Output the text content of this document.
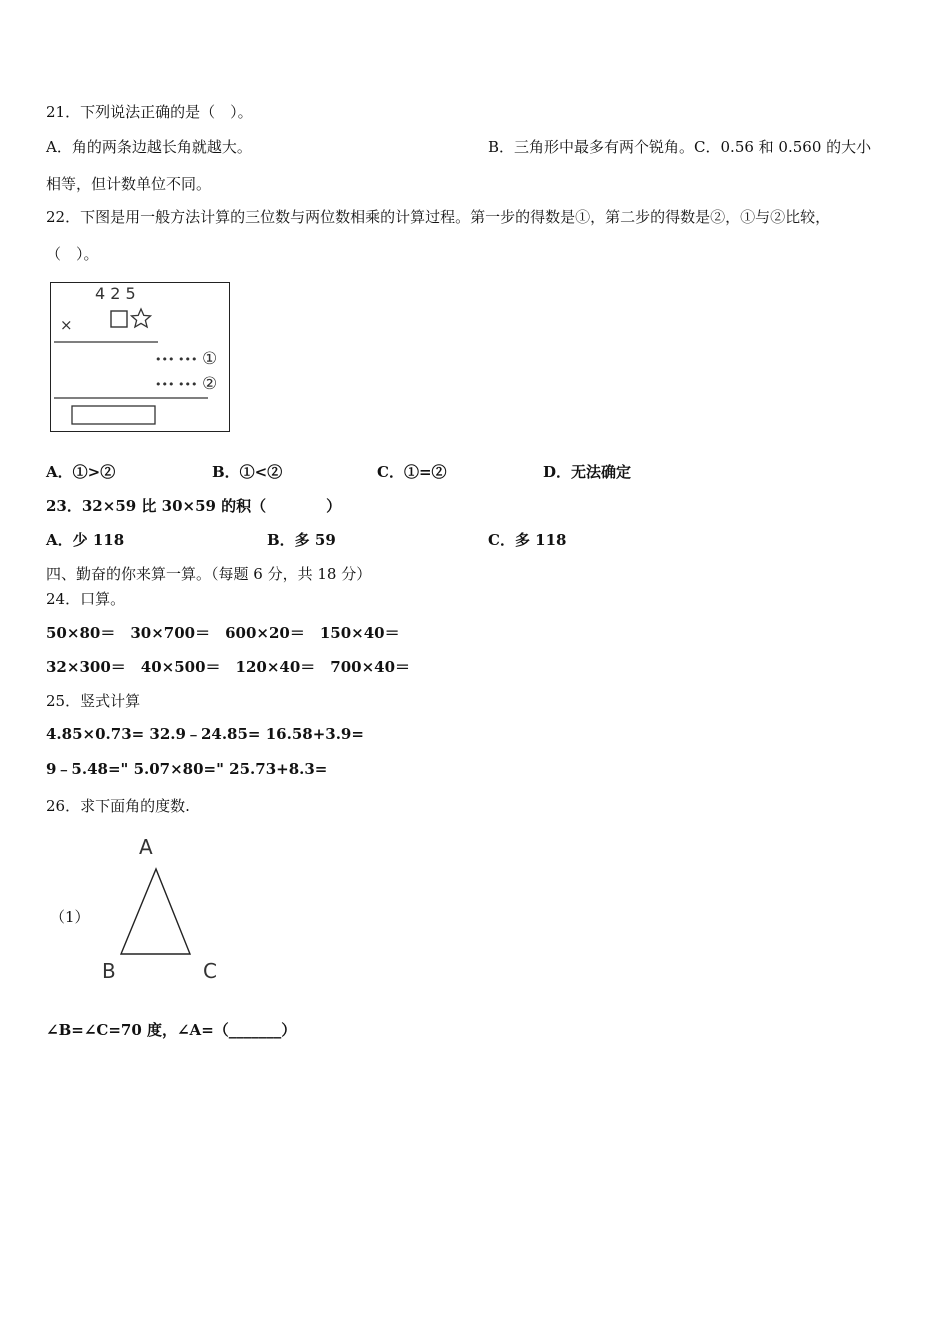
21．下列说法正确的是（　）。
A．角的两条边越长角就越大。	B．三角形中最多有两个锐角。C．0.56 和 0.560 的大小
相等，但计数单位不同。
22．下图是用一般方法计算的三位数与两位数相乘的计算过程。第一步的得数是①，第二步的得数是②，①与②比较，
（　）。
4 2 5
×
••• ••• ①
••• ••• ②
A．①>②	B．①<②	C．①=②	D．无法确定
23．32×59 比 30×59 的积（　　　　）
A．少 118	B．多 59	C．多 118
四、勤奋的你来算一算。（每题 6 分，共 18 分）
24．口算。
50×80＝　30×700＝　600×20＝　150×40＝
32×300＝　40×500＝　120×40＝　700×40＝
25．竖式计算
4.85×0.73= 32.9﹣24.85= 16.58+3.9=
9﹣5.48=" 5.07×80=" 25.73+8.3=
26．求下面角的度数.
（1）
A
B	C
∠B=∠C=70 度，∠A=（_______）
